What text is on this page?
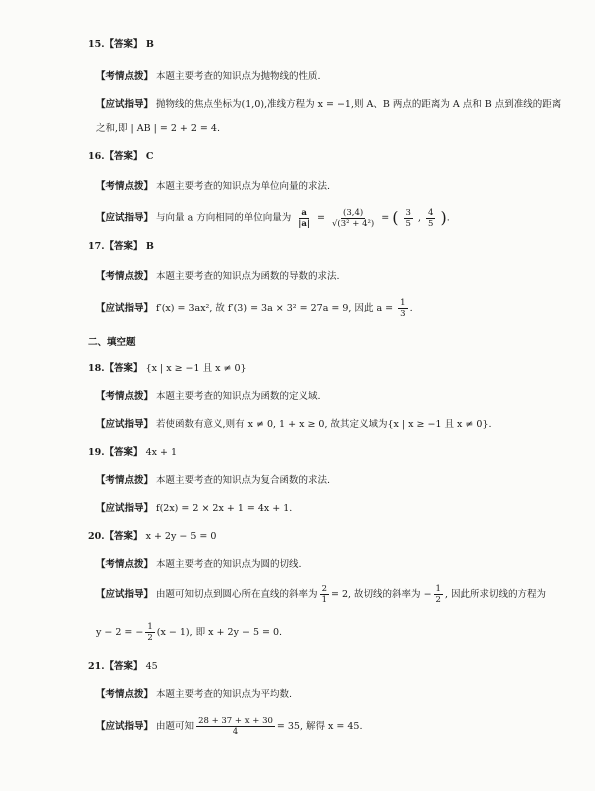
15.【答案】 B
【考情点拨】 本题主要考查的知识点为抛物线的性质.
【应试指导】 抛物线的焦点坐标为(1,0),准线方程为 x = −1,则 A、B 两点的距离为 A 点和 B 点到准线的距离
之和,即 | AB | = 2 + 2 = 4.
16.【答案】 C
【考情点拨】 本题主要考查的知识点为单位向量的求法.
【应试指导】 与向量 a 方向相同的单位向量为 $\frac{a}{|a|} = \frac{(3,4)}{\text{√(3² + 4²)}}$ = ( $\frac{3}{5}$ , $\frac{4}{5}$ ).
17.【答案】 B
【考情点拨】 本题主要考查的知识点为函数的导数的求法.
【应试指导】 f′(x) = 3ax², 故 f′(3) = 3a × 3² = 27a = 9, 因此 $a = \frac{1}{3}$ .
二、填空题
18.【答案】 {x | x ≥ −1 且 x ≠ 0}
【考情点拨】 本题主要考查的知识点为函数的定义域.
【应试指导】 若使函数有意义,则有 x ≠ 0, 1 + x ≥ 0, 故其定义域为{x | x ≥ −1 且 x ≠ 0}.
19.【答案】 4x + 1
【考情点拨】 本题主要考查的知识点为复合函数的求法.
【应试指导】 f(2x) = 2 × 2x + 1 = 4x + 1.
20.【答案】 x + 2y − 5 = 0
【考情点拨】 本题主要考查的知识点为圆的切线.
【应试指导】 由题可知切点到圆心所在直线的斜率为 $\frac{2}{1} = 2$, 故切线的斜率为 − $\frac{1}{2}$ , 因此所求切线的方程为
y − 2 = − $\frac{1}{2} (x - 1)$, 即 x + 2y − 5 = 0.
21.【答案】 45
【考情点拨】 本题主要考查的知识点为平均数.
【应试指导】 由题可知 $\frac{28 + 37 + x + 30}{4} = 35$, 解得 x = 45.
